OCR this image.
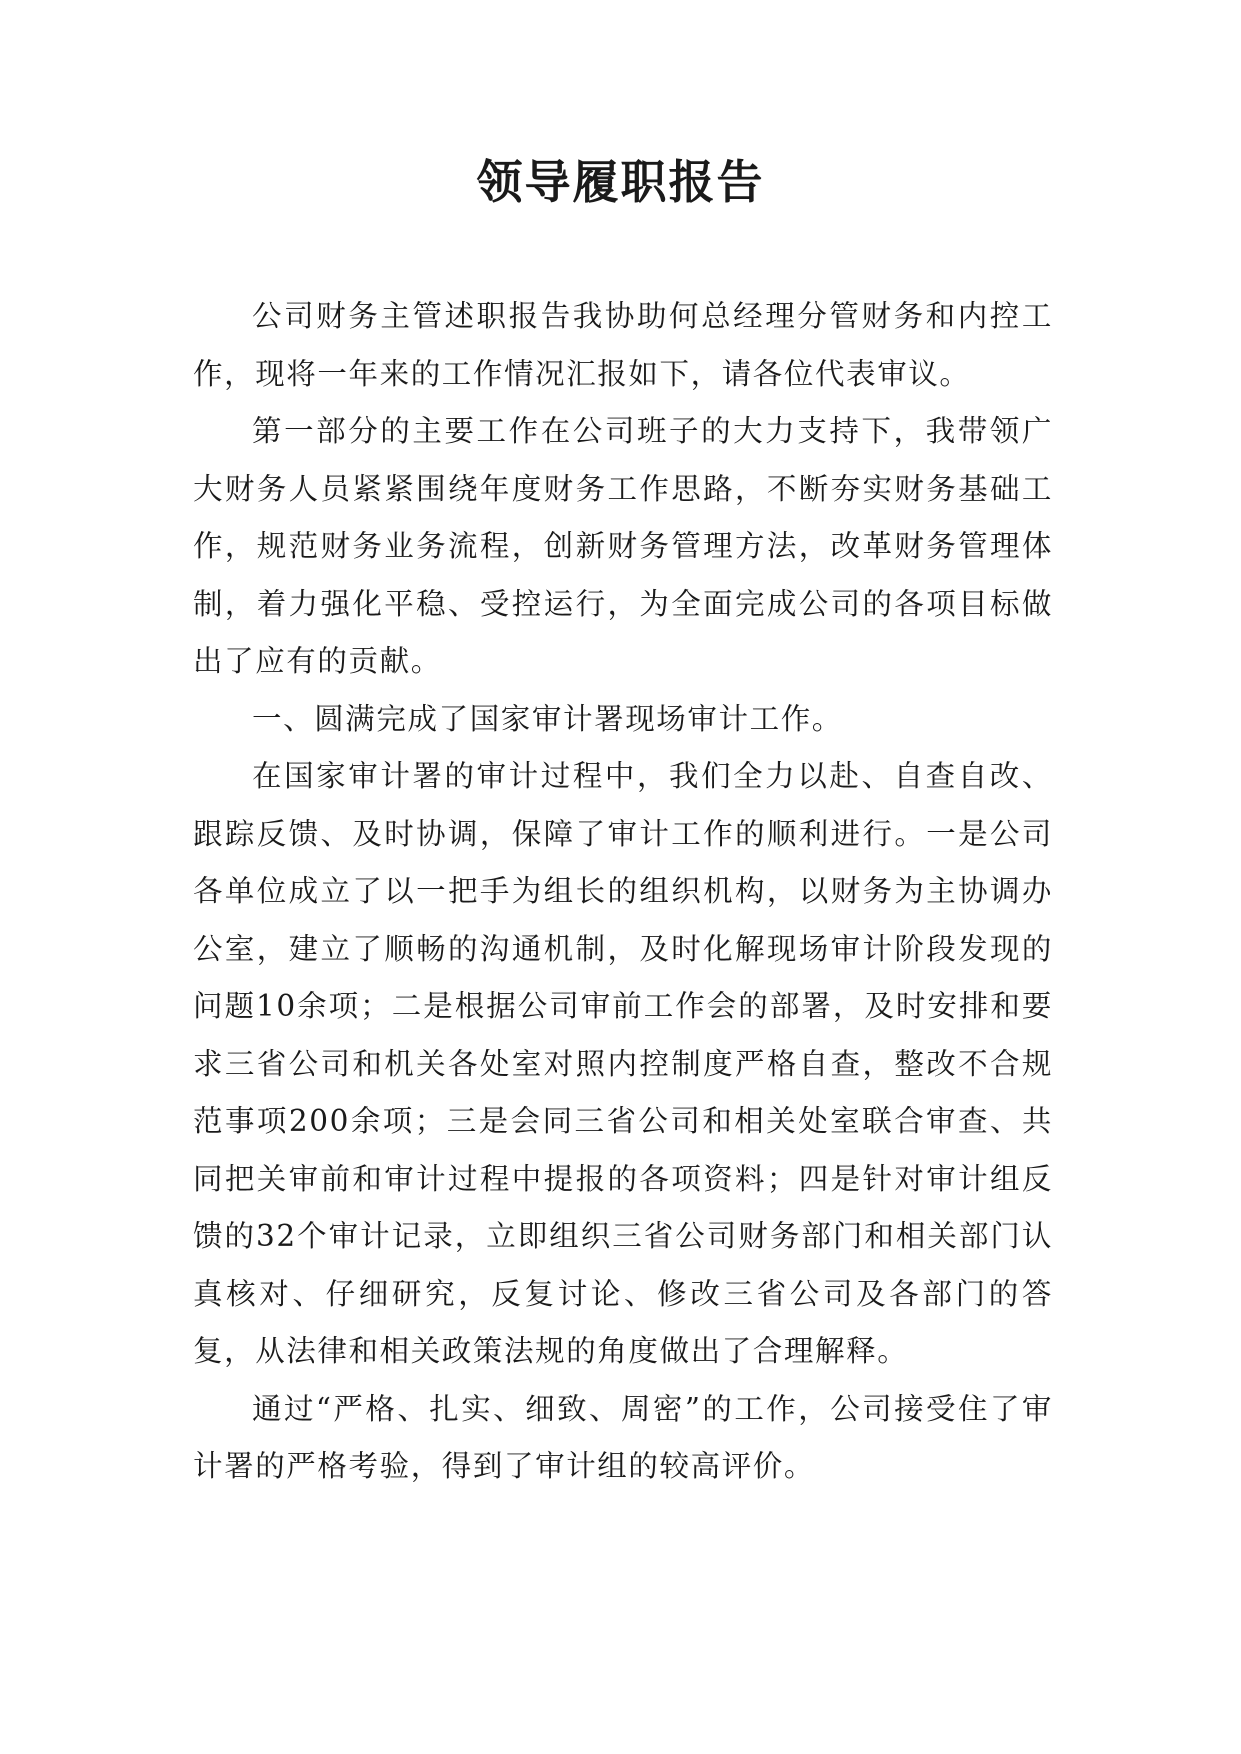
领导履职报告

公司财务主管述职报告我协助何总经理分管财务和内控工作，现将一年来的工作情况汇报如下，请各位代表审议。

第一部分的主要工作在公司班子的大力支持下，我带领广大财务人员紧紧围绕年度财务工作思路，不断夯实财务基础工作，规范财务业务流程，创新财务管理方法，改革财务管理体制，着力强化平稳、受控运行，为全面完成公司的各项目标做出了应有的贡献。

一、圆满完成了国家审计署现场审计工作。

在国家审计署的审计过程中，我们全力以赴、自查自改、跟踪反馈、及时协调，保障了审计工作的顺利进行。一是公司各单位成立了以一把手为组长的组织机构，以财务为主协调办公室，建立了顺畅的沟通机制，及时化解现场审计阶段发现的问题10余项；二是根据公司审前工作会的部署，及时安排和要求三省公司和机关各处室对照内控制度严格自查，整改不合规范事项200余项；三是会同三省公司和相关处室联合审查、共同把关审前和审计过程中提报的各项资料；四是针对审计组反馈的32个审计记录，立即组织三省公司财务部门和相关部门认真核对、仔细研究，反复讨论、修改三省公司及各部门的答复，从法律和相关政策法规的角度做出了合理解释。

通过“严格、扎实、细致、周密”的工作，公司接受住了审计署的严格考验，得到了审计组的较高评价。
